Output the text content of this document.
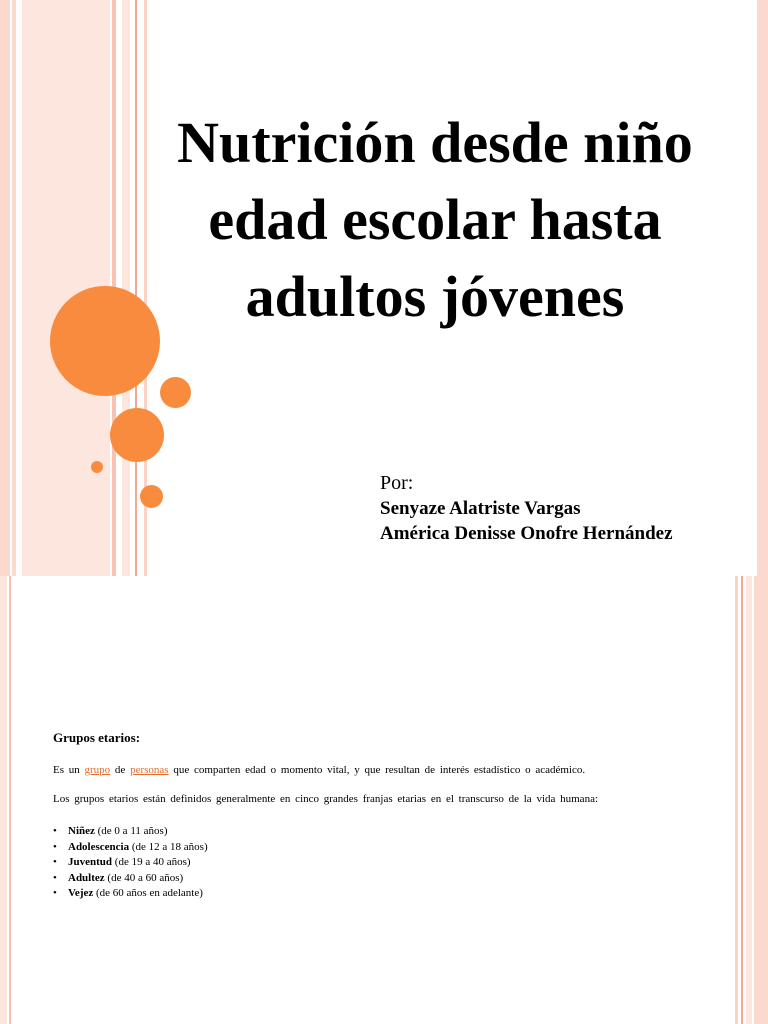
Nutrición desde niño edad escolar hasta adultos jóvenes
Por:
Senyaze Alatriste Vargas
América Denisse Onofre Hernández
Grupos etarios:
Es un grupo de personas que comparten edad o momento vital, y que resultan de interés estadístico o académico.
Los grupos etarios están definidos generalmente en cinco grandes franjas etarias en el transcurso de la vida humana:
• Niñez (de 0 a 11 años)
• Adolescencia (de 12 a 18 años)
• Juventud (de 19 a 40 años)
• Adultez (de 40 a 60 años)
• Vejez (de 60 años en adelante)
